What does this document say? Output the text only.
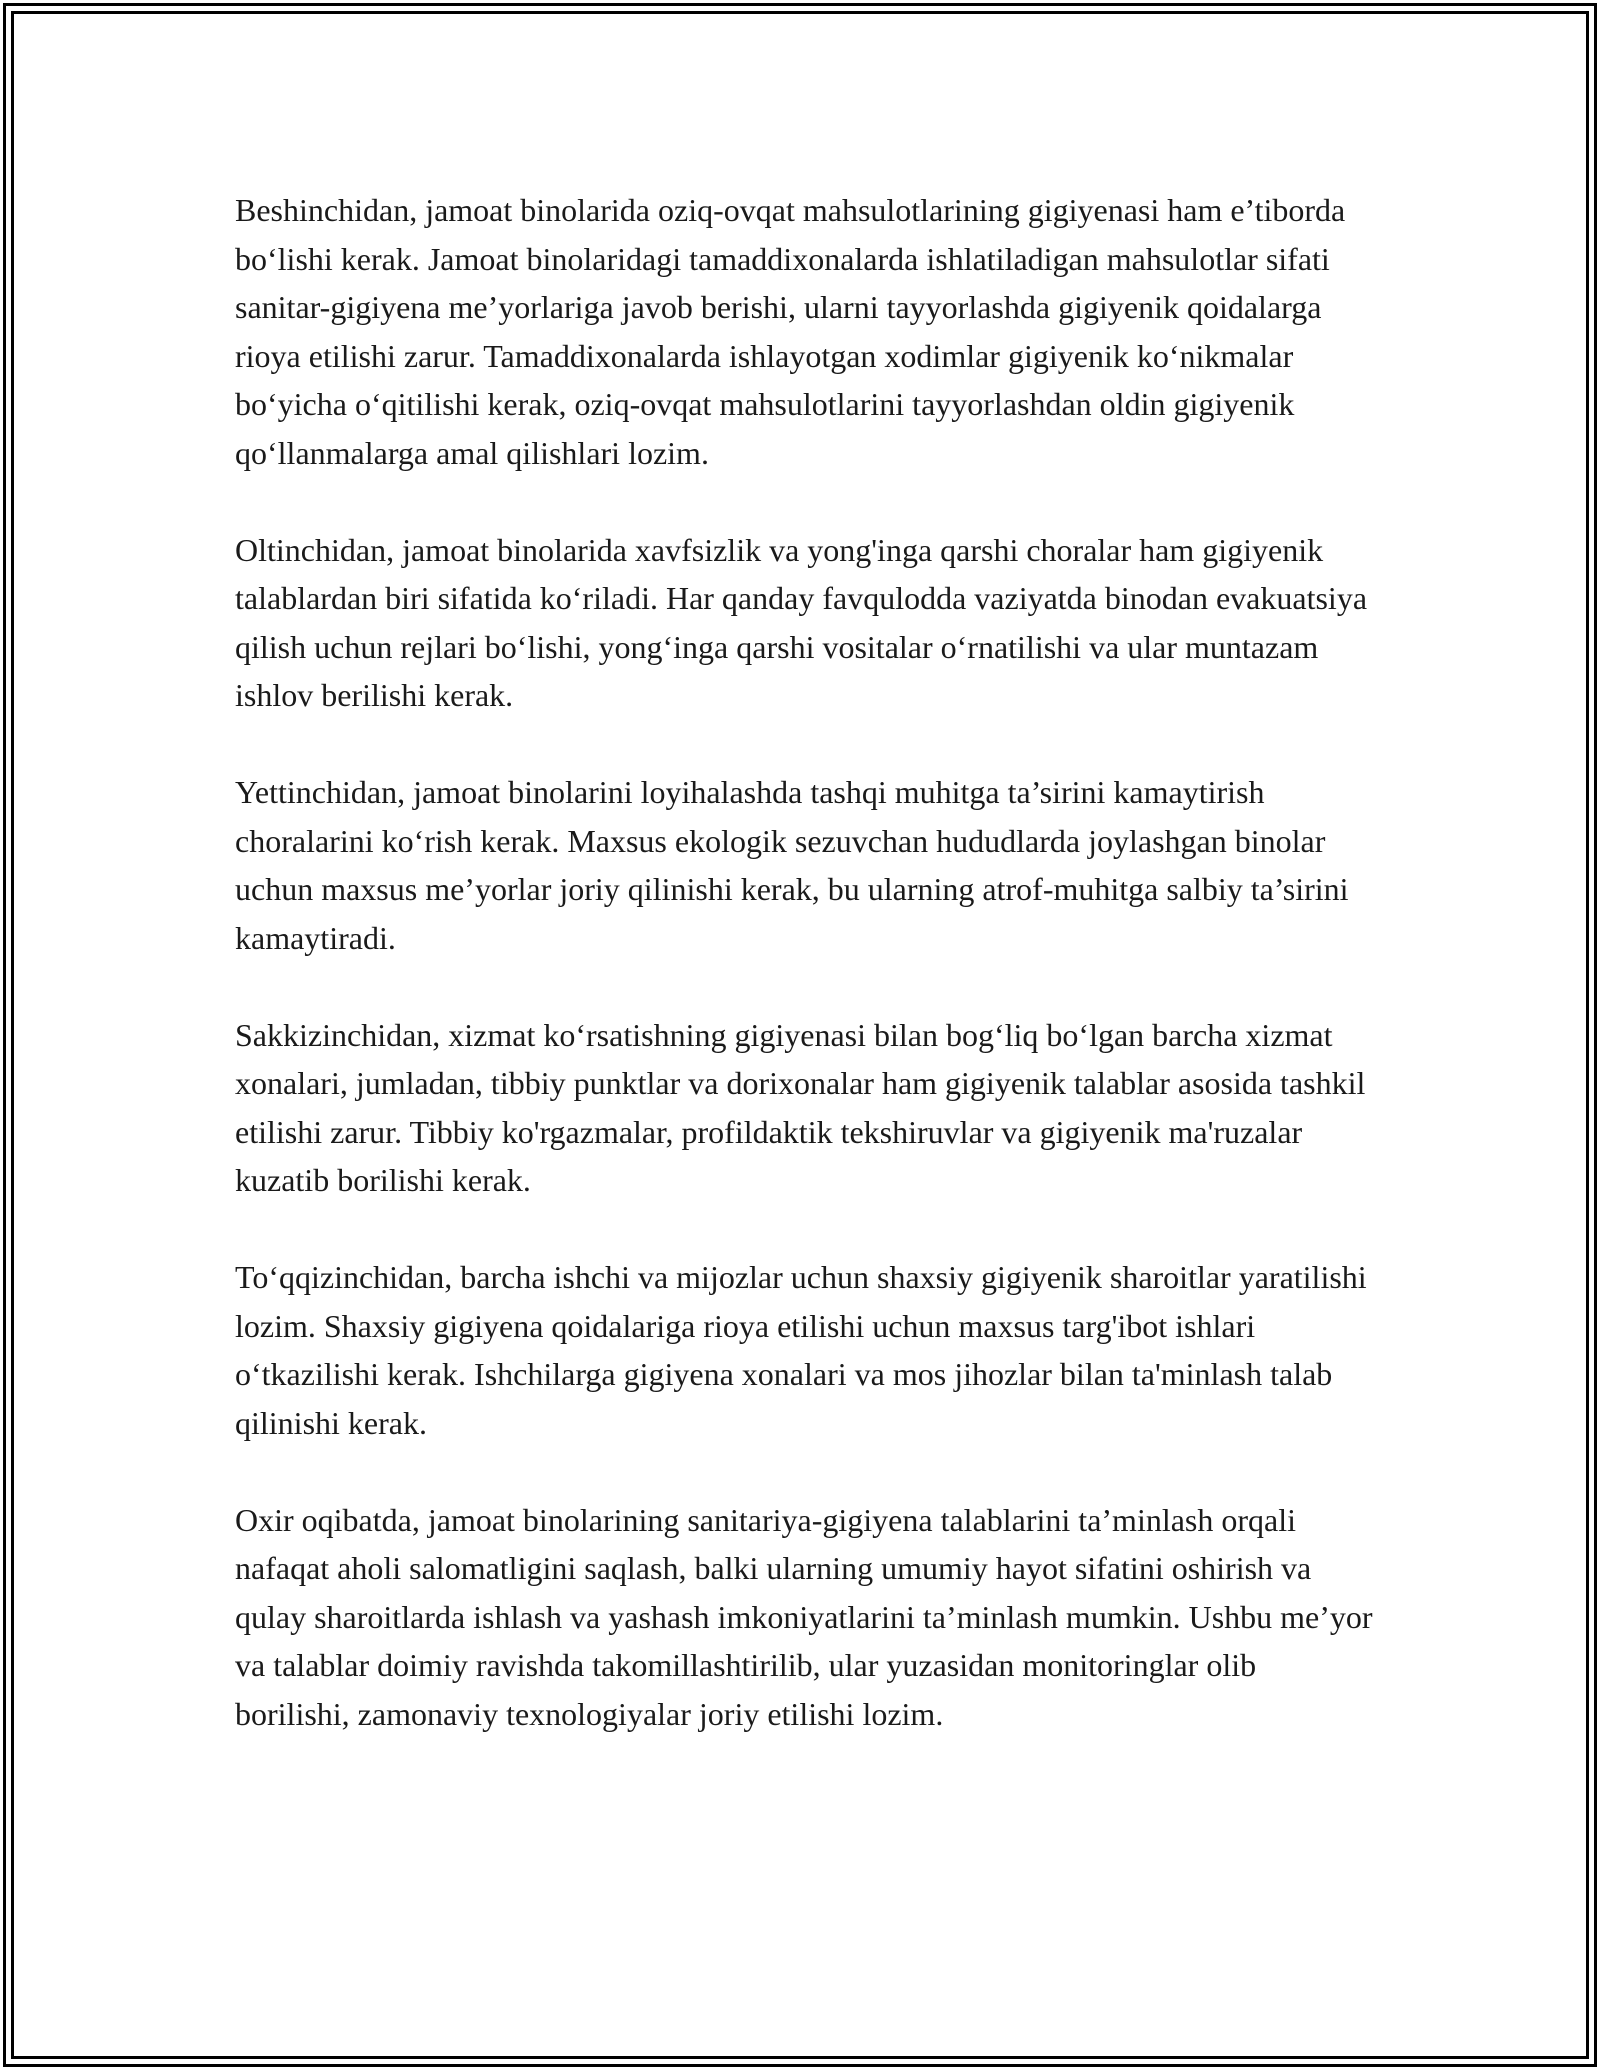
Beshinchidan, jamoat binolarida oziq-ovqat mahsulotlarining gigiyenasi ham e’tiborda bo‘lishi kerak. Jamoat binolaridagi tamaddixonalarda ishlatiladigan mahsulotlar sifati sanitar-gigiyena me’yorlariga javob berishi, ularni tayyorlashda gigiyenik qoidalarga rioya etilishi zarur. Tamaddixonalarda ishlayotgan xodimlar gigiyenik ko‘nikmalar bo‘yicha o‘qitilishi kerak, oziq-ovqat mahsulotlarini tayyorlashdan oldin gigiyenik qo‘llanmalarga amal qilishlari lozim.

Oltinchidan, jamoat binolarida xavfsizlik va yong'inga qarshi choralar ham gigiyenik talablardan biri sifatida ko‘riladi. Har qanday favqulodda vaziyatda binodan evakuatsiya qilish uchun rejlari bo‘lishi, yong‘inga qarshi vositalar o‘rnatilishi va ular muntazam ishlov berilishi kerak.

Yettinchidan, jamoat binolarini loyihalashda tashqi muhitga ta’sirini kamaytirish choralarini ko‘rish kerak. Maxsus ekologik sezuvchan hududlarda joylashgan binolar uchun maxsus me’yorlar joriy qilinishi kerak, bu ularning atrof-muhitga salbiy ta’sirini kamaytiradi.

Sakkizinchidan, xizmat ko‘rsatishning gigiyenasi bilan bog‘liq bo‘lgan barcha xizmat xonalari, jumladan, tibbiy punktlar va dorixonalar ham gigiyenik talablar asosida tashkil etilishi zarur. Tibbiy ko'rgazmalar, profildaktik tekshiruvlar va gigiyenik ma'ruzalar kuzatib borilishi kerak.

To‘qqizinchidan, barcha ishchi va mijozlar uchun shaxsiy gigiyenik sharoitlar yaratilishi lozim. Shaxsiy gigiyena qoidalariga rioya etilishi uchun maxsus targ'ibot ishlari o‘tkazilishi kerak. Ishchilarga gigiyena xonalari va mos jihozlar bilan ta'minlash talab qilinishi kerak.

Oxir oqibatda, jamoat binolarining sanitariya-gigiyena talablarini ta’minlash orqali nafaqat aholi salomatligini saqlash, balki ularning umumiy hayot sifatini oshirish va qulay sharoitlarda ishlash va yashash imkoniyatlarini ta’minlash mumkin. Ushbu me’yor va talablar doimiy ravishda takomillashtirilib, ular yuzasidan monitoringlar olib borilishi, zamonaviy texnologiyalar joriy etilishi lozim.
